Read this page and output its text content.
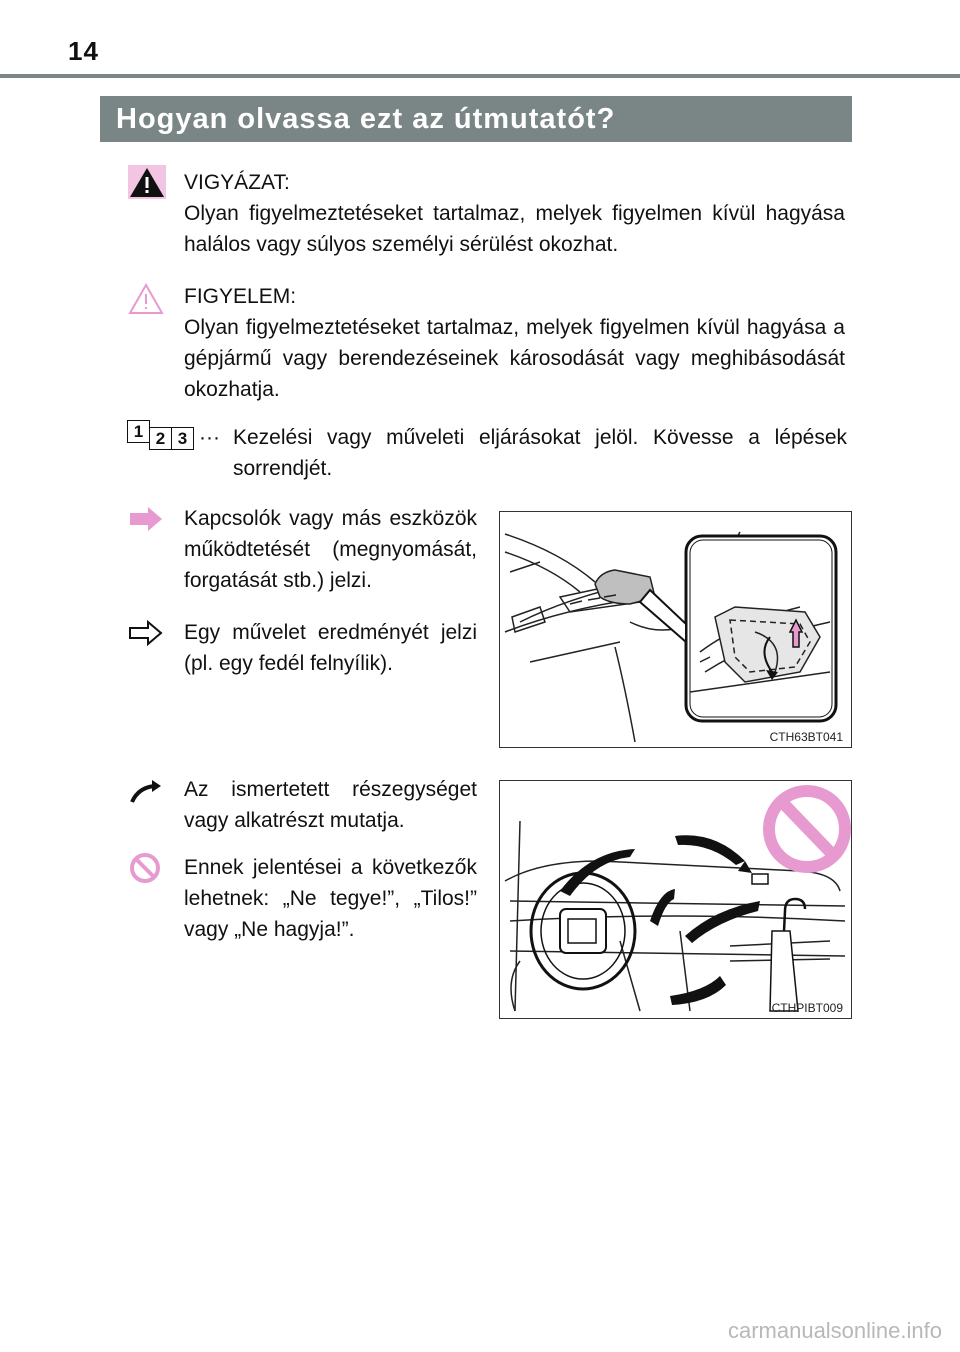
14
Hogyan olvassa ezt az útmutatót?
VIGYÁZAT:
Olyan figyelmeztetéseket tartalmaz, melyek figyelmen kívül hagyása halálos vagy súlyos személyi sérülést okozhat.
FIGYELEM:
Olyan figyelmeztetéseket tartalmaz, melyek figyelmen kívül hagyása a gépjármű vagy berendezéseinek károsodását vagy meghibásodását okozhatja.
1 2 3 ··· Kezelési vagy műveleti eljárásokat jelöl. Kövesse a lépések sorrendjét.
Kapcsolók vagy más eszközök működtetését (megnyomását, forgatását stb.) jelzi.
Egy művelet eredményét jelzi (pl. egy fedél felnyílik).
CTH63BT041
Az ismertetett részegységet vagy alkatrészt mutatja.
Ennek jelentései a következők lehetnek: „Ne tegye!”, „Tilos!” vagy „Ne hagyja!”.
CTHPIBT009
carmanualsonline.info
